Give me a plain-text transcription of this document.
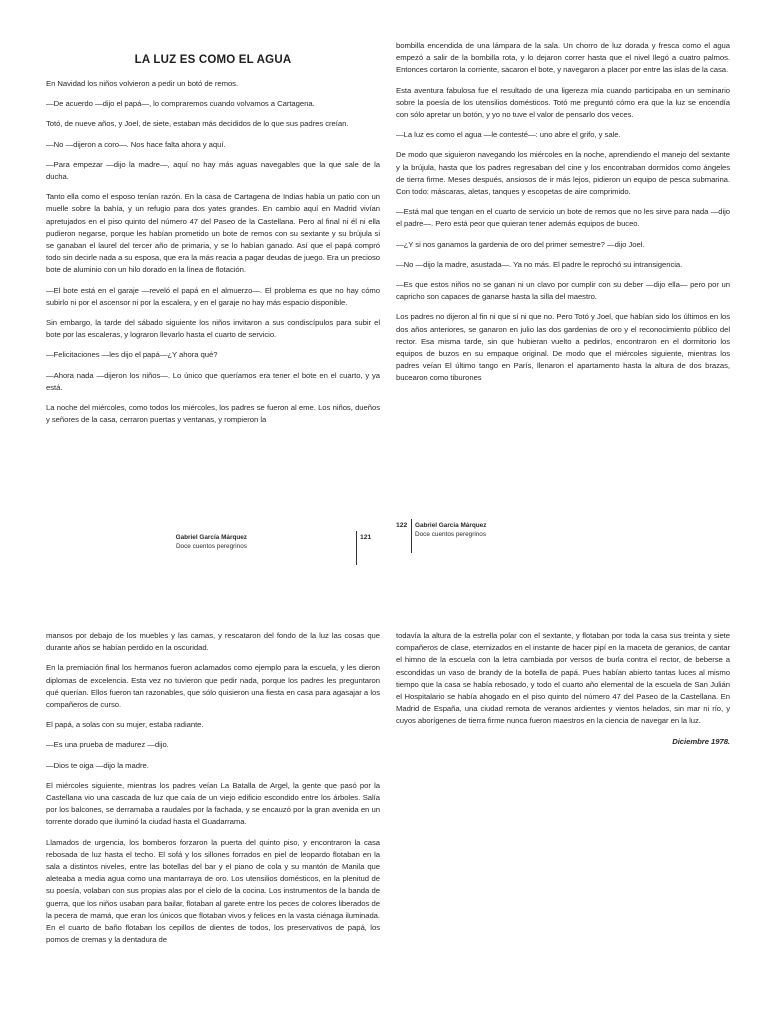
LA LUZ ES COMO EL AGUA

En Navidad los niños volvieron a pedir un botó de remos.

—De acuerdo —dijo el papá—, lo compraremos cuando volvamos a Cartagena.

Totó, de nueve años, y Joel, de siete, estaban más decididos de lo que sus padres creían.

—No —dijeron a coro—. Nos hace falta ahora y aquí.

—Para empezar —dijo la madre—, aquí no hay más aguas navegables que la que sale de la ducha.

Tanto ella como el esposo tenían razón. En la casa de Cartagena de Indias había un patio con un muelle sobre la bahía, y un refugio para dos yates grandes. En cambio aquí en Madrid vivían apretujados en el piso quinto del número 47 del Paseo de la Castellana. Pero al final ni él ni ella pudieron negarse, porque les habían prometido un bote de remos con su sextante y su brújula si se ganaban el laurel del tercer año de primaria, y se lo habían ganado. Así que el papá compró todo sin decirle nada a su esposa, que era la más reacia a pagar deudas de juego. Era un precioso bote de aluminio con un hilo dorado en la línea de flotación.

—El bote está en el garaje —reveló el papá en el almuerzo—. El problema es que no hay cómo subirlo ni por el ascensor ni por la escalera, y en el garaje no hay más espacio disponible.

Sin embargo, la tarde del sábado siguiente los niños invitaron a sus condiscípulos para subir el bote por las escaleras, y lograron llevarlo hasta el cuarto de servicio.

—Felicitaciones —les dijo el papá—¿Y ahora qué?

—Ahora nada —dijeron los niños—. Lo único que queríamos era tener el bote en el cuarto, y ya está.

La noche del miércoles, como todos los miércoles, los padres se fueron al eme. Los niños, dueños y señores de la casa, cerraron puertas y ventanas, y rompieron la

Gabriel García Márquez
Doce cuentos peregrinos
121

bombilla encendida de una lámpara de la sala. Un chorro de luz dorada y fresca como el agua empezó a salir de la bombilla rota, y lo dejaron correr hasta que el nivel llegó a cuatro palmos. Entonces cortaron la corriente, sacaron el bote, y navegaron a placer por entre las islas de la casa.

Esta aventura fabulosa fue el resultado de una ligereza mía cuando participaba en un seminario sobre la poesía de los utensilios domésticos. Totó me preguntó cómo era que la luz se encendía con sólo apretar un botón, y yo no tuve el valor de pensarlo dos veces.

—La luz es como el agua —le contesté—: uno abre el grifo, y sale.

De modo que siguieron navegando los miércoles en la noche, aprendiendo el manejo del sextante y la brújula, hasta que los padres regresaban del cine y los encontraban dormidos como ángeles de tierra firme. Meses después, ansiosos de ir más lejos, pidieron un equipo de pesca submarina. Con todo: máscaras, aletas, tanques y escopetas de aire comprimido.

—Está mal que tengan en el cuarto de servicio un bote de remos que no les sirve para nada —dijo el padre—. Pero está peor que quieran tener además equipos de buceo.

—¿Y si nos ganamos la gardenia de oro del primer semestre? —dijo Joel.

—No —dijo la madre, asustada—. Ya no más. El padre le reprochó su intransigencia.

—Es que estos niños no se ganan ni un clavo por cumplir con su deber —dijo ella— pero por un capricho son capaces de ganarse hasta la silla del maestro.

Los padres no dijeron al fin ni que sí ni que no. Pero Totó y Joel, que habían sido los últimos en los dos años anteriores, se ganaron en julio las dos gardenias de oro y el reconocimiento público del rector. Esa misma tarde, sin que hubieran vuelto a pedirlos, encontraron en el dormitorio los equipos de buzos en su empaque original. De modo que el miércoles siguiente, mientras los padres veían El último tango en París, llenaron el apartamento hasta la altura de dos brazas, bucearon como tiburones

122 Gabriel García Márquez
Doce cuentos peregrinos

mansos por debajo de los muebles y las camas, y rescataron del fondo de la luz las cosas que durante años se habían perdido en la oscuridad.

En la premiación final los hermanos fueron aclamados como ejemplo para la escuela, y les dieron diplomas de excelencia. Esta vez no tuvieron que pedir nada, porque los padres les preguntaron qué querían. Ellos fueron tan razonables, que sólo quisieron una fiesta en casa para agasajar a los compañeros de curso.

El papá, a solas con su mujer, estaba radiante.

—Es una prueba de madurez —dijo.

—Dios te oiga —dijo la madre.

El miércoles siguiente, mientras los padres veían La Batalla de Argel, la gente que pasó por la Castellana vio una cascada de luz que caía de un viejo edificio escondido entre los árboles. Salía por los balcones, se derramaba a raudales por la fachada, y se encauzó por la gran avenida en un torrente dorado que iluminó la ciudad hasta el Guadarrama.

Llamados de urgencia, los bomberos forzaron la puerta del quinto piso, y encontraron la casa rebosada de luz hasta el techo. El sofá y los sillones forrados en piel de leopardo flotaban en la sala a distintos niveles, entre las botellas del bar y el piano de cola y su mantón de Manila que aleteaba a media agua como una mantarraya de oro. Los utensilios domésticos, en la plenitud de su poesía, volaban con sus propias alas por el cielo de la cocina. Los instrumentos de la banda de guerra, que los niños usaban para bailar, flotaban al garete entre los peces de colores liberados de la pecera de mamá, que eran los únicos que flotaban vivos y felices en la vasta ciénaga iluminada. En el cuarto de baño flotaban los cepillos de dientes de todos, los preservativos de papá, los pomos de cremas y la dentadura de

todavía la altura de la estrella polar con el sextante, y flotaban por toda la casa sus treinta y siete compañeros de clase, eternizados en el instante de hacer pipí en la maceta de geranios, de cantar el himno de la escuela con la letra cambiada por versos de burla contra el rector, de beberse a escondidas un vaso de brandy de la botella de papá. Pues habían abierto tantas luces al mismo tiempo que la casa se había rebosado, y todo el cuarto año elemental de la escuela de San Julián el Hospitalario se había ahogado en el piso quinto del número 47 del Paseo de la Castellana. En Madrid de España, una ciudad remota de veranos ardientes y vientos helados, sin mar ni río, y cuyos aborígenes de tierra firme nunca fueron maestros en la ciencia de navegar en la luz.

Diciembre 1978.
